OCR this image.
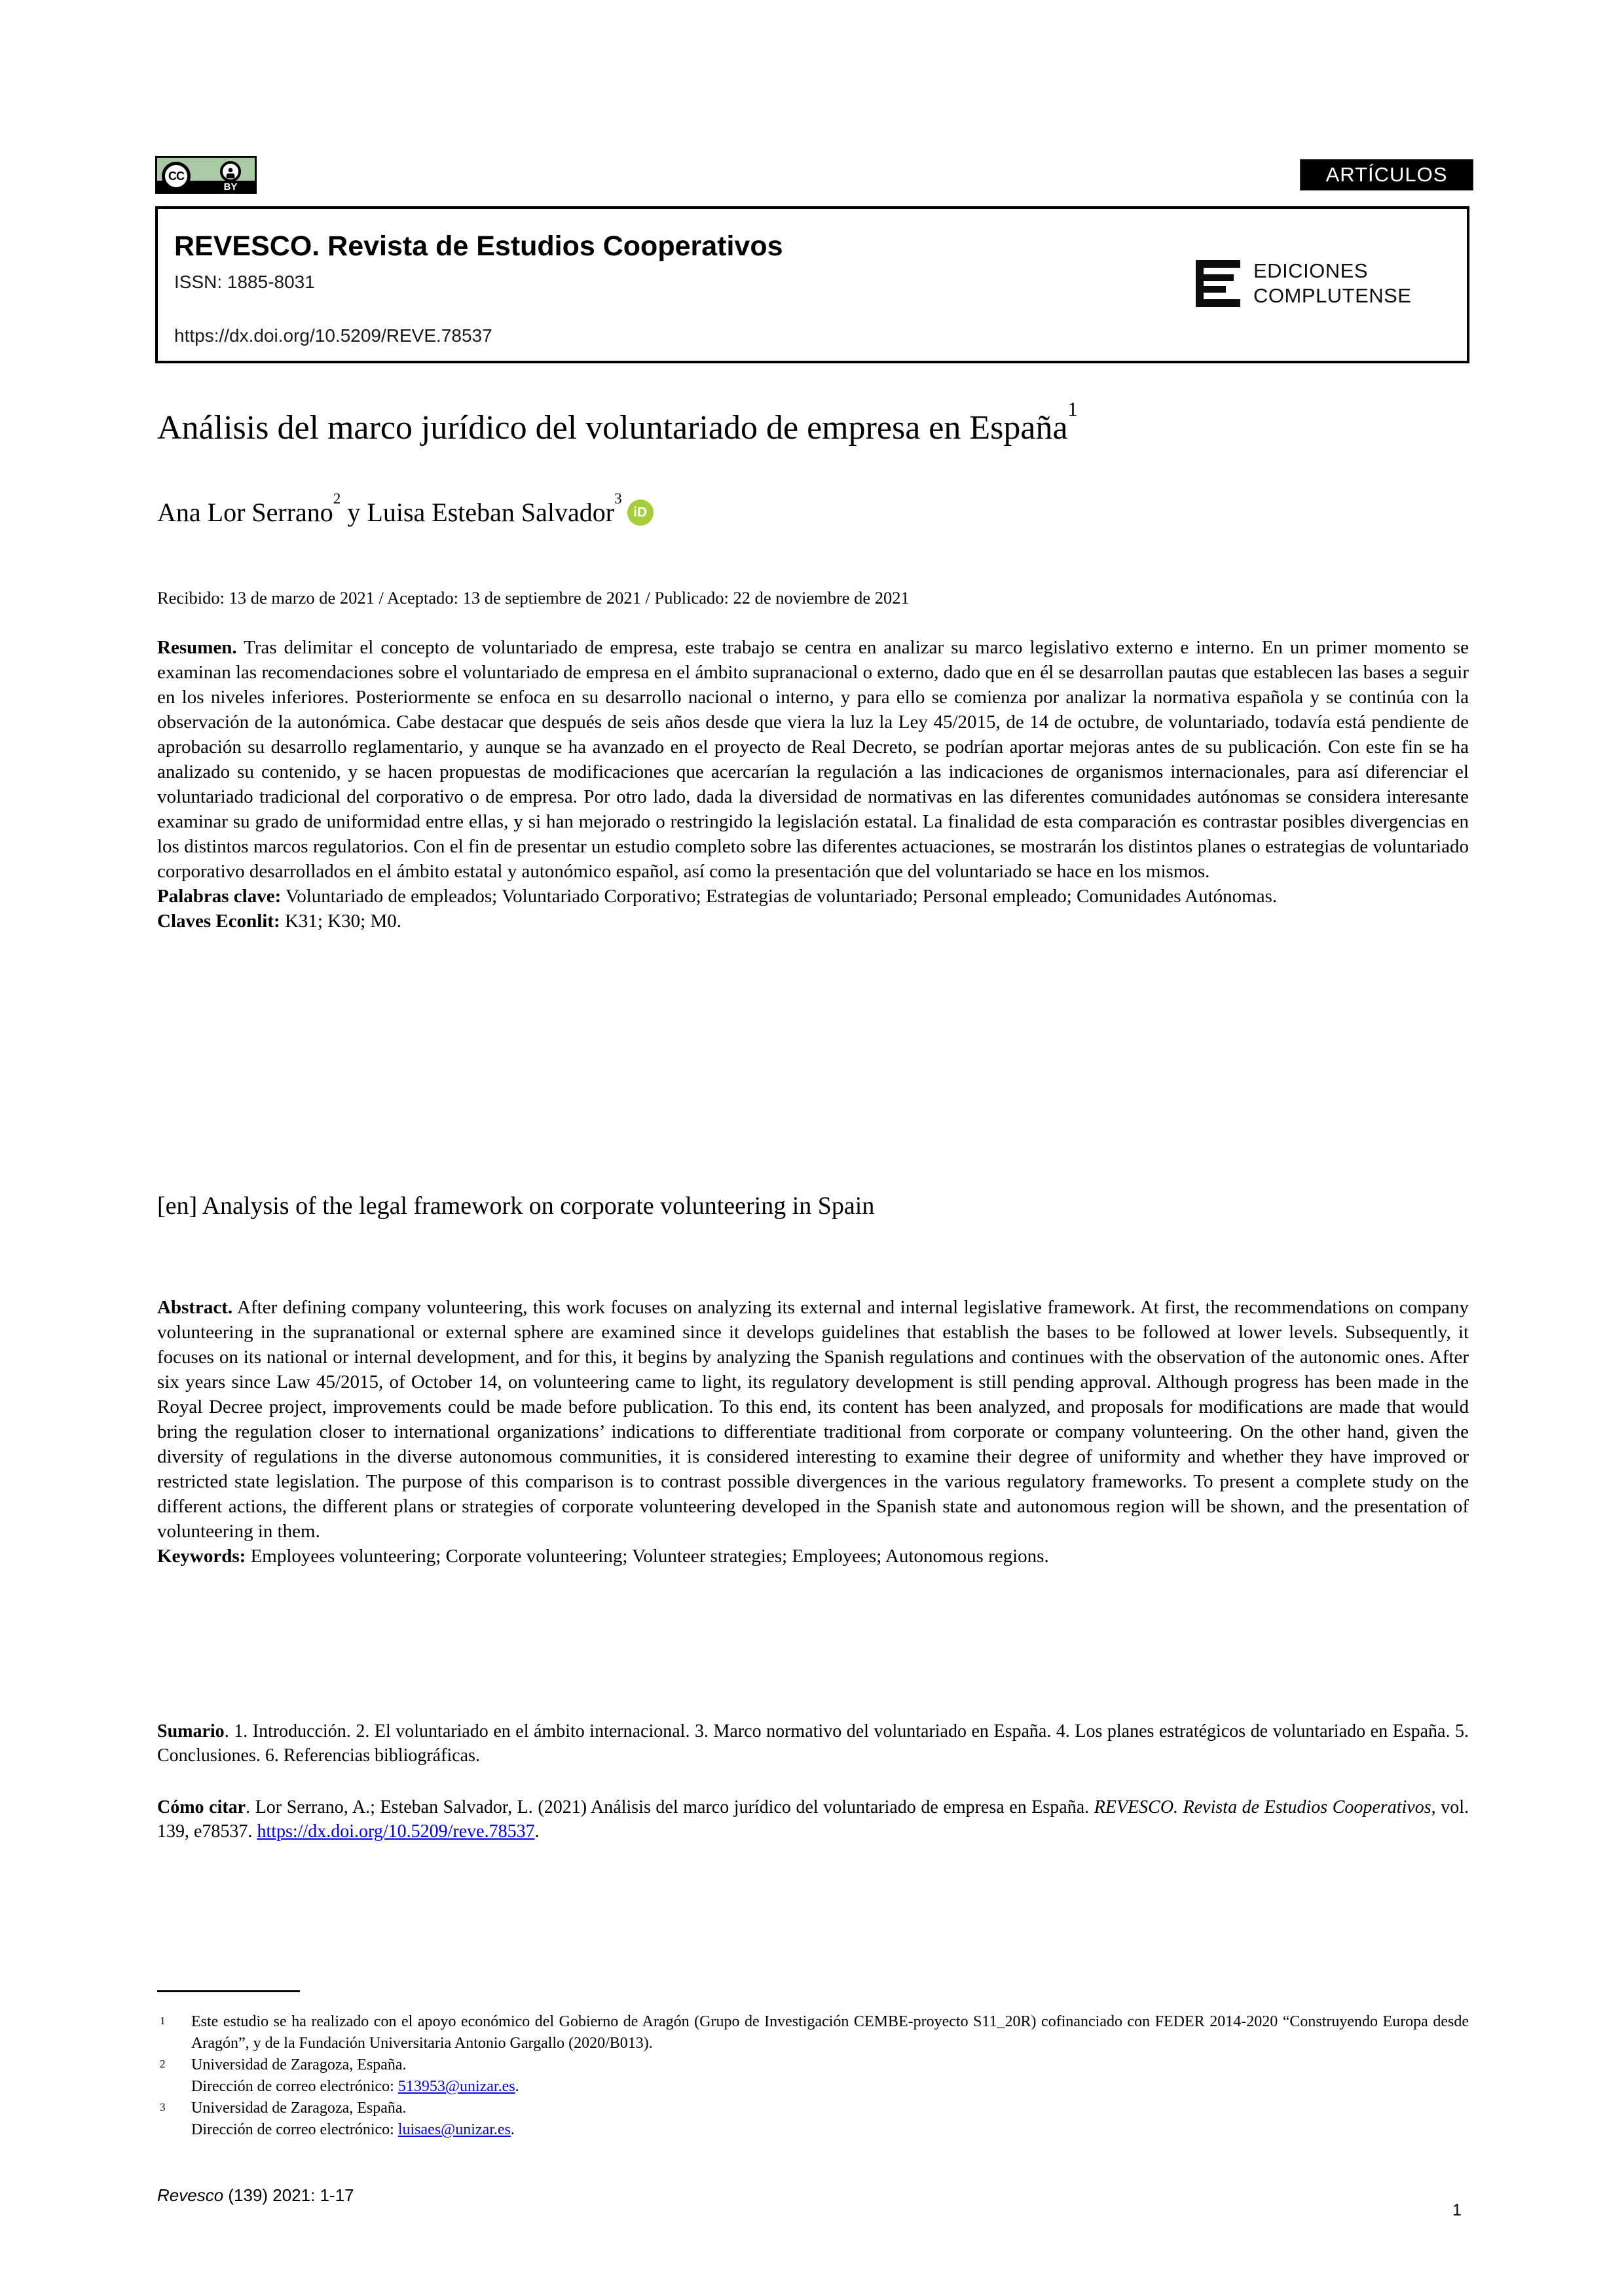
CC
BY
ARTÍCULOS
REVESCO. Revista de Estudios Cooperativos
ISSN: 1885-8031
https://dx.doi.org/10.5209/REVE.78537
EDICIONES
COMPLUTENSE
Análisis del marco jurídico del voluntariado de empresa en España$^1$
Ana Lor Serrano$^2$ y Luisa Esteban Salvador$^3$iD
Recibido: 13 de marzo de 2021 / Aceptado: 13 de septiembre de 2021 / Publicado: 22 de noviembre de 2021

Resumen. Tras delimitar el concepto de voluntariado de empresa, este trabajo se centra en analizar su marco legislativo externo e interno. En un primer momento se examinan las recomendaciones sobre el voluntariado de empresa en el ámbito supranacional o externo, dado que en él se desarrollan pautas que establecen las bases a seguir en los niveles inferiores. Posteriormente se enfoca en su desarrollo nacional o interno, y para ello se comienza por analizar la normativa española y se continúa con la observación de la autonómica. Cabe destacar que después de seis años desde que viera la luz la Ley 45/2015, de 14 de octubre, de voluntariado, todavía está pendiente de aprobación su desarrollo reglamentario, y aunque se ha avanzado en el proyecto de Real Decreto, se podrían aportar mejoras antes de su publicación. Con este fin se ha analizado su contenido, y se hacen propuestas de modificaciones que acercarían la regulación a las indicaciones de organismos internacionales, para así diferenciar el voluntariado tradicional del corporativo o de empresa. Por otro lado, dada la diversidad de normativas en las diferentes comunidades autónomas se considera interesante examinar su grado de uniformidad entre ellas, y si han mejorado o restringido la legislación estatal. La finalidad de esta comparación es contrastar posibles divergencias en los distintos marcos regulatorios. Con el fin de presentar un estudio completo sobre las diferentes actuaciones, se mostrarán los distintos planes o estrategias de voluntariado corporativo desarrollados en el ámbito estatal y autonómico español, así como la presentación que del voluntariado se hace en los mismos.

Palabras clave: Voluntariado de empleados; Voluntariado Corporativo; Estrategias de voluntariado; Personal empleado; Comunidades Autónomas.

Claves Econlit: K31; K30; M0.

[en] Analysis of the legal framework on corporate volunteering in Spain

Abstract. After defining company volunteering, this work focuses on analyzing its external and internal legislative framework. At first, the recommendations on company volunteering in the supranational or external sphere are examined since it develops guidelines that establish the bases to be followed at lower levels. Subsequently, it focuses on its national or internal development, and for this, it begins by analyzing the Spanish regulations and continues with the observation of the autonomic ones. After six years since Law 45/2015, of October 14, on volunteering came to light, its regulatory development is still pending approval. Although progress has been made in the Royal Decree project, improvements could be made before publication. To this end, its content has been analyzed, and proposals for modifications are made that would bring the regulation closer to international organizations’ indications to differentiate traditional from corporate or company volunteering. On the other hand, given the diversity of regulations in the diverse autonomous communities, it is considered interesting to examine their degree of uniformity and whether they have improved or restricted state legislation. The purpose of this comparison is to contrast possible divergences in the various regulatory frameworks. To present a complete study on the different actions, the different plans or strategies of corporate volunteering developed in the Spanish state and autonomous region will be shown, and the presentation of volunteering in them.

Keywords: Employees volunteering; Corporate volunteering; Volunteer strategies; Employees; Autonomous regions.

Sumario. 1. Introducción. 2. El voluntariado en el ámbito internacional. 3. Marco normativo del voluntariado en España. 4. Los planes estratégicos de voluntariado en España. 5. Conclusiones. 6. Referencias bibliográficas.

Cómo citar. Lor Serrano, A.; Esteban Salvador, L. (2021) Análisis del marco jurídico del voluntariado de empresa en España. REVESCO. Revista de Estudios Cooperativos, vol. 139, e78537. https://dx.doi.org/10.5209/reve.78537.

1	Este estudio se ha realizado con el apoyo económico del Gobierno de Aragón (Grupo de Investigación CEMBE-proyecto S11_20R) cofinanciado con FEDER 2014-2020 “Construyendo Europa desde Aragón”, y de la Fundación Universitaria Antonio Gargallo (2020/B013).
2	Universidad de Zaragoza, España.
Dirección de correo electrónico: 513953@unizar.es.
3	Universidad de Zaragoza, España.
Dirección de correo electrónico: luisaes@unizar.es.
Revesco (139) 2021: 1-17
1
